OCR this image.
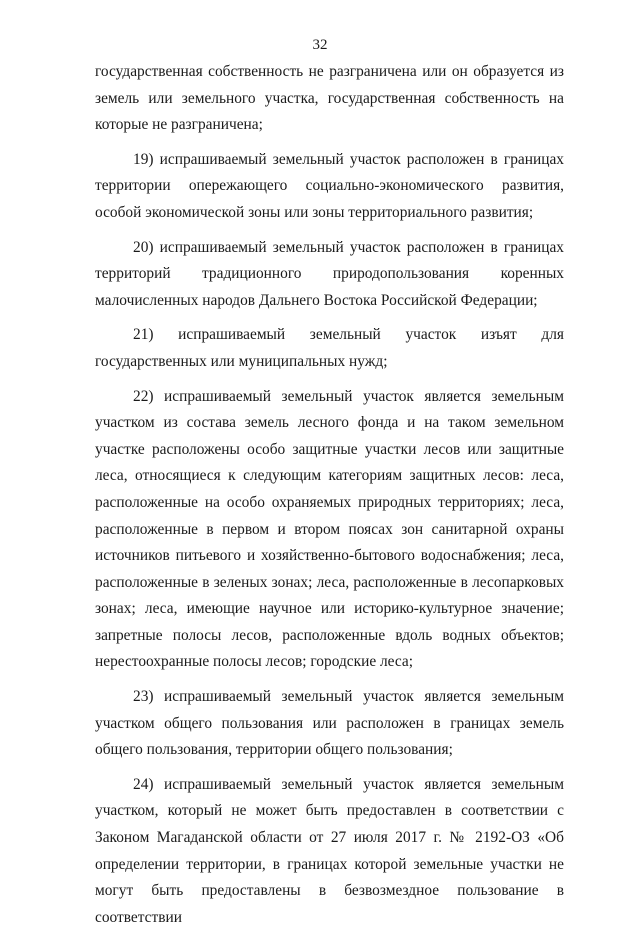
32

государственная собственность не разграничена или он образуется из земель или земельного участка, государственная собственность на которые не разграничена;

19) испрашиваемый земельный участок расположен в границах территории опережающего социально-экономического развития, особой экономической зоны или зоны территориального развития;

20) испрашиваемый земельный участок расположен в границах территорий традиционного природопользования коренных малочисленных народов Дальнего Востока Российской Федерации;

21) испрашиваемый земельный участок изъят для государственных или муниципальных нужд;

22) испрашиваемый земельный участок является земельным участком из состава земель лесного фонда и на таком земельном участке расположены особо защитные участки лесов или защитные леса, относящиеся к следующим категориям защитных лесов: леса, расположенные на особо охраняемых природных территориях; леса, расположенные в первом и втором поясах зон санитарной охраны источников питьевого и хозяйственно-бытового водоснабжения; леса, расположенные в зеленых зонах; леса, расположенные в лесопарковых зонах; леса, имеющие научное или историко-культурное значение; запретные полосы лесов, расположенные вдоль водных объектов; нерестоохранные полосы лесов; городские леса;

23) испрашиваемый земельный участок является земельным участком общего пользования или расположен в границах земель общего пользования, территории общего пользования;

24) испрашиваемый земельный участок является земельным участком, который не может быть предоставлен в соответствии с Законом Магаданской области от 27 июля 2017 г. № 2192-ОЗ «Об определении территории, в границах которой земельные участки не могут быть предоставлены в безвозмездное пользование в соответствии
